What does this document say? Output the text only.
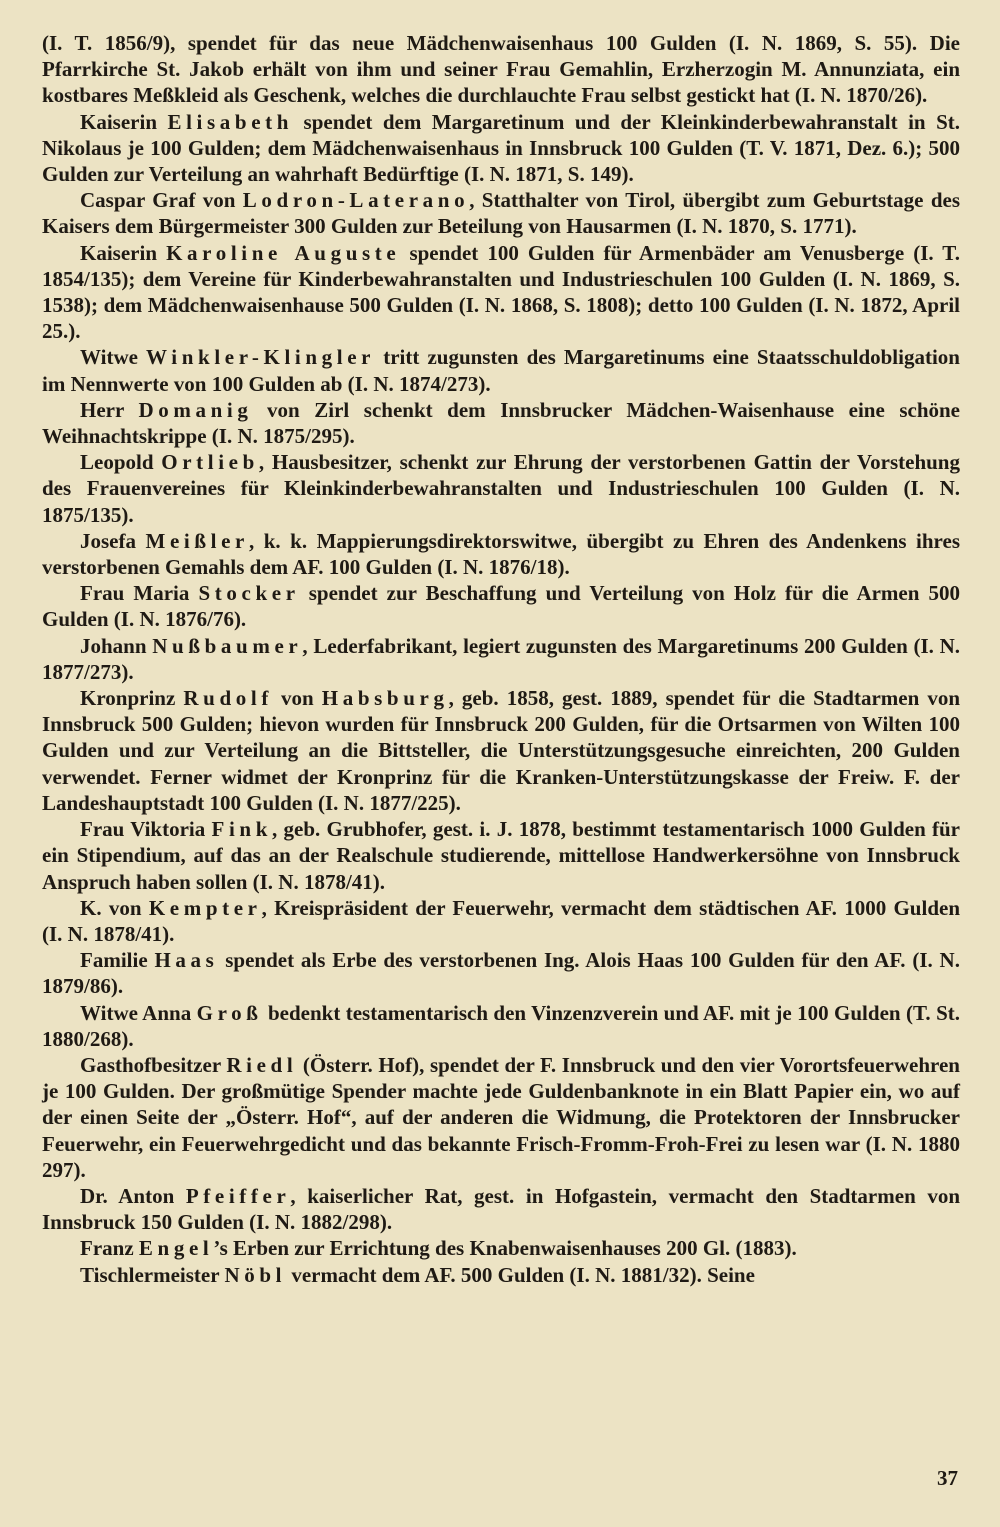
(I. T. 1856/9), spendet für das neue Mädchenwaisenhaus 100 Gulden (I. N. 1869, S. 55). Die Pfarrkirche St. Jakob erhält von ihm und seiner Frau Gemahlin, Erzherzogin M. Annunziata, ein kostbares Meßkleid als Geschenk, welches die durchlauchte Frau selbst gestickt hat (I. N. 1870/26).

Kaiserin Elisabeth spendet dem Margaretinum und der Kleinkinderbewahranstalt in St. Nikolaus je 100 Gulden; dem Mädchenwaisenhaus in Innsbruck 100 Gulden (T. V. 1871, Dez. 6.); 500 Gulden zur Verteilung an wahrhaft Bedürftige (I. N. 1871, S. 149).

Caspar Graf von Lodron-Laterano, Statthalter von Tirol, übergibt zum Geburtstage des Kaisers dem Bürgermeister 300 Gulden zur Beteilung von Hausarmen (I. N. 1870, S. 1771).

Kaiserin Karoline Auguste spendet 100 Gulden für Armenbäder am Venusberge (I. T. 1854/135); dem Vereine für Kinderbewahranstalten und Industrieschulen 100 Gulden (I. N. 1869, S. 1538); dem Mädchenwaisenhause 500 Gulden (I. N. 1868, S. 1808); detto 100 Gulden (I. N. 1872, April 25.).

Witwe Winkler-Klingler tritt zugunsten des Margaretinums eine Staatsschuldobligation im Nennwerte von 100 Gulden ab (I. N. 1874/273).

Herr Domanig von Zirl schenkt dem Innsbrucker Mädchen-Waisenhause eine schöne Weihnachtskrippe (I. N. 1875/295).

Leopold Ortlieb, Hausbesitzer, schenkt zur Ehrung der verstorbenen Gattin der Vorstehung des Frauenvereines für Kleinkinderbewahranstalten und Industrieschulen 100 Gulden (I. N. 1875/135).

Josefa Meißler, k. k. Mappierungsdirektorswitwe, übergibt zu Ehren des Andenkens ihres verstorbenen Gemahls dem AF. 100 Gulden (I. N. 1876/18).

Frau Maria Stocker spendet zur Beschaffung und Verteilung von Holz für die Armen 500 Gulden (I. N. 1876/76).

Johann Nußbaumer, Lederfabrikant, legiert zugunsten des Margaretinums 200 Gulden (I. N. 1877/273).

Kronprinz Rudolf von Habsburg, geb. 1858, gest. 1889, spendet für die Stadtarmen von Innsbruck 500 Gulden; hievon wurden für Innsbruck 200 Gulden, für die Ortsarmen von Wilten 100 Gulden und zur Verteilung an die Bittsteller, die Unterstützungsgesuche einreichten, 200 Gulden verwendet. Ferner widmet der Kronprinz für die Kranken-Unterstützungskasse der Freiw. F. der Landeshauptstadt 100 Gulden (I. N. 1877/225).

Frau Viktoria Fink, geb. Grubhofer, gest. i. J. 1878, bestimmt testamentarisch 1000 Gulden für ein Stipendium, auf das an der Realschule studierende, mittellose Handwerkersöhne von Innsbruck Anspruch haben sollen (I. N. 1878/41).

K. von Kempter, Kreispräsident der Feuerwehr, vermacht dem städtischen AF. 1000 Gulden (I. N. 1878/41).

Familie Haas spendet als Erbe des verstorbenen Ing. Alois Haas 100 Gulden für den AF. (I. N. 1879/86).

Witwe Anna Groß bedenkt testamentarisch den Vinzenzverein und AF. mit je 100 Gulden (T. St. 1880/268).

Gasthofbesitzer Riedl (Österr. Hof), spendet der F. Innsbruck und den vier Vorortsfeuerwehren je 100 Gulden. Der großmütige Spender machte jede Guldenbanknote in ein Blatt Papier ein, wo auf der einen Seite der „Österr. Hof“, auf der anderen die Widmung, die Protektoren der Innsbrucker Feuerwehr, ein Feuerwehrgedicht und das bekannte Frisch-Fromm-Froh-Frei zu lesen war (I. N. 1880 297).

Dr. Anton Pfeiffer, kaiserlicher Rat, gest. in Hofgastein, vermacht den Stadtarmen von Innsbruck 150 Gulden (I. N. 1882/298).

Franz Engel’s Erben zur Errichtung des Knabenwaisenhauses 200 Gl. (1883).

Tischlermeister Nöbl vermacht dem AF. 500 Gulden (I. N. 1881/32). Seine

37
